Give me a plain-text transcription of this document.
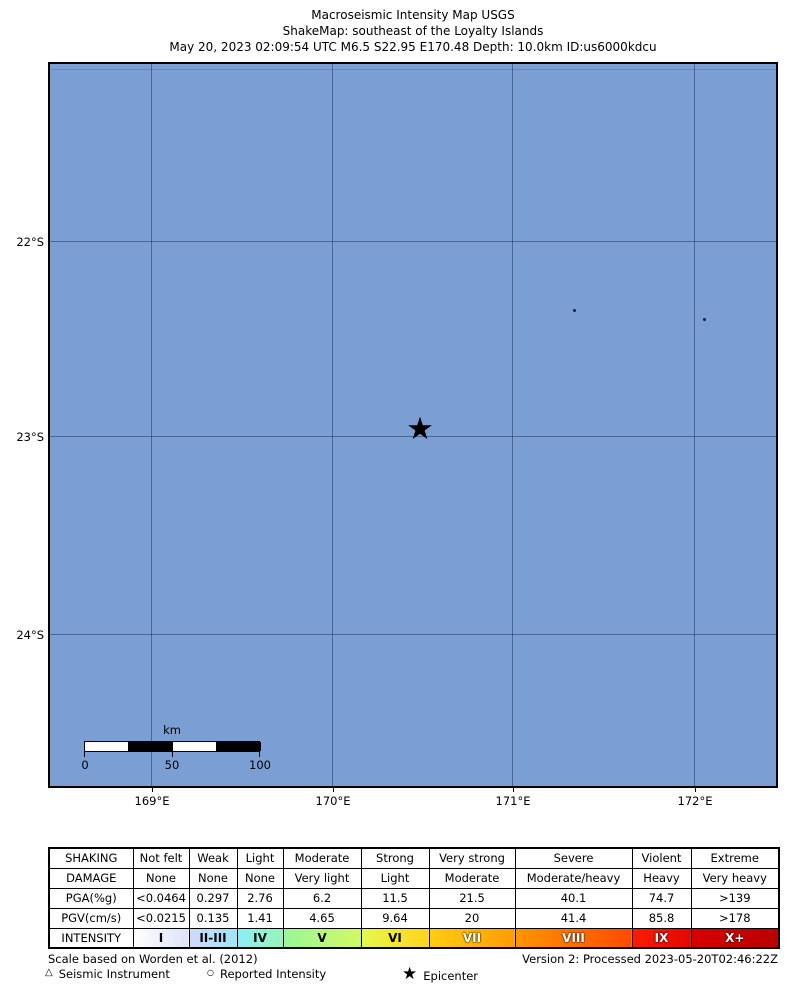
Macroseismic Intensity Map USGS
ShakeMap: southeast of the Loyalty Islands
May 20, 2023 02:09:54 UTC M6.5 S22.95 E170.48 Depth: 10.0km ID:us6000kdcu
★
km
0	50	100
169°E	170°E	171°E	172°E
22°S
23°S
24°S
SHAKING	Not felt	Weak	Light	Moderate	Strong	Very strong	Severe	Violent	Extreme
DAMAGE	None	None	None	Very light	Light	Moderate	Moderate/heavy	Heavy	Very heavy
PGA(%g)	<0.0464	0.297	2.76	6.2	11.5	21.5	40.1	74.7	>139
PGV(cm/s)	<0.0215	0.135	1.41	4.65	9.64	20	41.4	85.8	>178
INTENSITY	I	II-III	IV	V	VI	VII	VIII	IX	X+
Scale based on Worden et al. (2012)	Version 2: Processed 2023-05-20T02:46:22Z
△ Seismic Instrument	○ Reported Intensity	★ Epicenter
